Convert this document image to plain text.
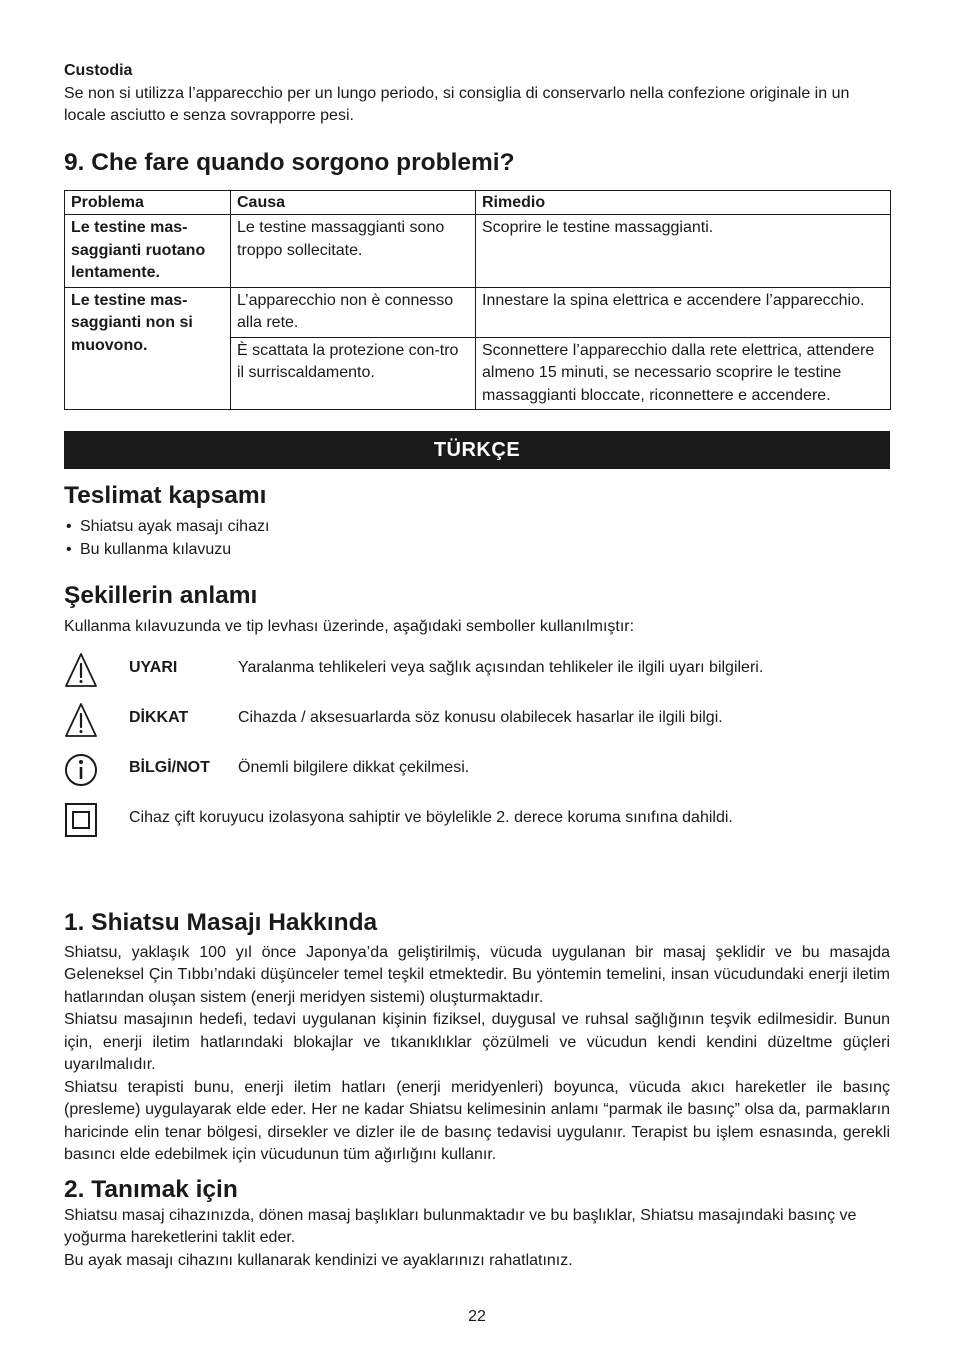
Custodia

Se non si utilizza l’apparecchio per un lungo periodo, si consiglia di conservarlo nella confezione originale in un locale asciutto e senza sovrapporre pesi.

9. Che fare quando sorgono problemi?
Problema	Causa	Rimedio
Le testine mas-saggianti ruotano lentamente.	Le testine massaggianti sono troppo sollecitate.	Scoprire le testine massaggianti.
Le testine mas-saggianti non si muovono.	L’apparecchio non è connesso alla rete.	Innestare la spina elettrica e accendere l’apparecchio.
	È scattata la protezione con-tro il surriscaldamento.	Sconnettere l’apparecchio dalla rete elettrica, attendere almeno 15 minuti, se necessario scoprire le testine massaggianti bloccate, riconnettere e accendere.
TÜRKÇE
Teslimat kapsamı
• Shiatsu ayak masajı cihazı
• Bu kullanma kılavuzu
Şekillerin anlamı

Kullanma kılavuzunda ve tip levhası üzerinde, aşağıdaki semboller kullanılmıştır:

UYARI	Yaralanma tehlikeleri veya sağlık açısından tehlikeler ile ilgili uyarı bilgileri.
DİKKAT	Cihazda / aksesuarlarda söz konusu olabilecek hasarlar ile ilgili bilgi.
BİLGİ/NOT Önemli bilgilere dikkat çekilmesi.
Cihaz çift koruyucu izolasyona sahiptir ve böylelikle 2. derece koruma sınıfına dahildi.
1. Shiatsu Masajı Hakkında

Shiatsu, yaklaşık 100 yıl önce Japonya’da geliştirilmiş, vücuda uygulanan bir masaj şeklidir ve bu masajda Geleneksel Çin Tıbbı’ndaki düşünceler temel teşkil etmektedir. Bu yöntemin temelini, insan vücudundaki enerji iletim hatlarından oluşan sistem (enerji meridyen sistemi) oluşturmaktadır.

Shiatsu masajının hedefi, tedavi uygulanan kişinin fiziksel, duygusal ve ruhsal sağlığının teşvik edilmesidir. Bunun için, enerji iletim hatlarındaki blokajlar ve tıkanıklıklar çözülmeli ve vücudun kendi kendini düzeltme güçleri uyarılmalıdır.

Shiatsu terapisti bunu, enerji iletim hatları (enerji meridyenleri) boyunca, vücuda akıcı hareketler ile basınç (presleme) uygulayarak elde eder. Her ne kadar Shiatsu kelimesinin anlamı “parmak ile basınç” olsa da, parmakların haricinde elin tenar bölgesi, dirsekler ve dizler ile de basınç tedavisi uygulanır. Terapist bu işlem esnasında, gerekli basıncı elde edebilmek için vücudunun tüm ağırlığını kullanır.

2. Tanımak için

Shiatsu masaj cihazınızda, dönen masaj başlıkları bulunmaktadır ve bu başlıklar, Shiatsu masajındaki basınç ve yoğurma hareketlerini taklit eder.

Bu ayak masajı cihazını kullanarak kendinizi ve ayaklarınızı rahatlatınız.

22
